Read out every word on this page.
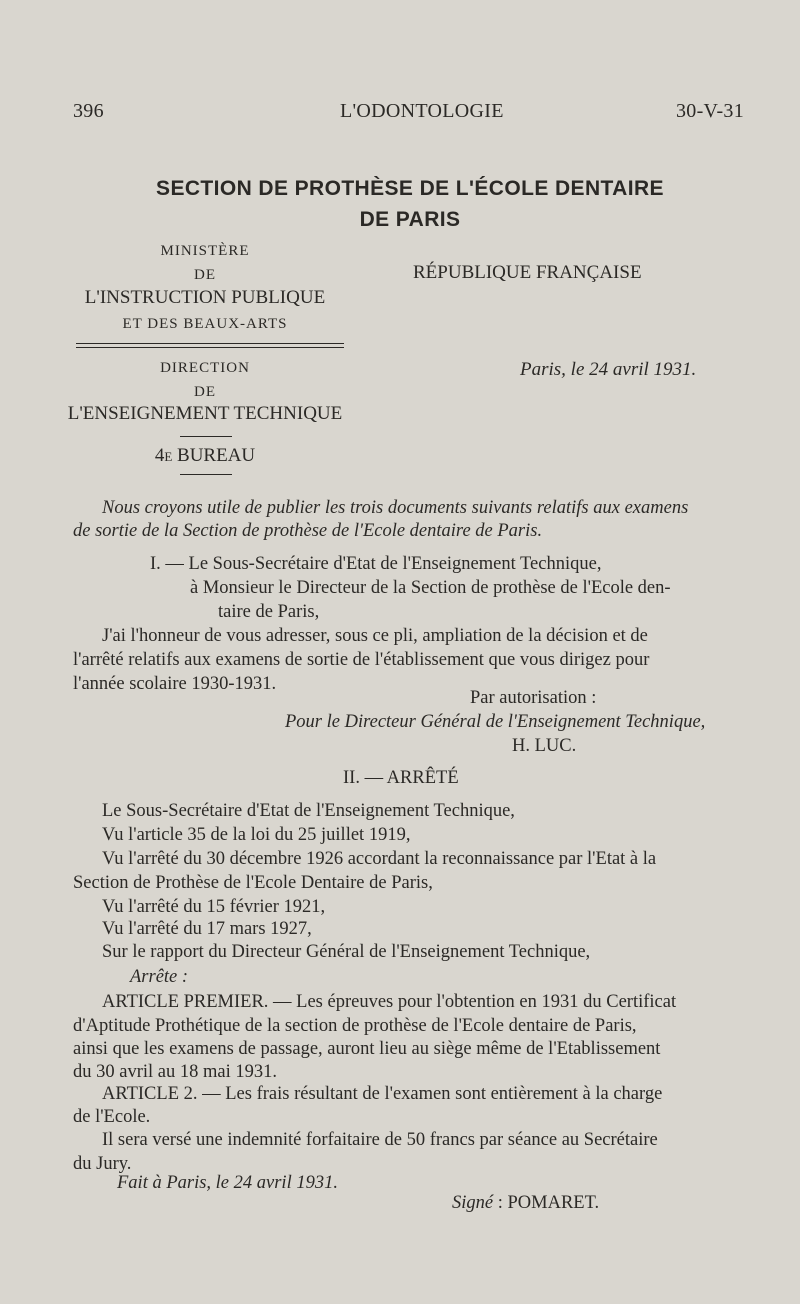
396	L'ODONTOLOGIE	30-V-31
SECTION DE PROTHÈSE DE L'ÉCOLE DENTAIRE
DE PARIS
MINISTÈRE
DE
L'INSTRUCTION PUBLIQUE
ET DES BEAUX-ARTS
RÉPUBLIQUE FRANÇAISE
DIRECTION
DE
L'ENSEIGNEMENT TECHNIQUE
4e BUREAU
Paris, le 24 avril 1931.
Nous croyons utile de publier les trois documents suivants relatifs aux examens
de sortie de la Section de prothèse de l'Ecole dentaire de Paris.
I. — Le Sous-Secrétaire d'Etat de l'Enseignement Technique,
à Monsieur le Directeur de la Section de prothèse de l'Ecole den-
taire de Paris,
J'ai l'honneur de vous adresser, sous ce pli, ampliation de la décision et de
l'arrêté relatifs aux examens de sortie de l'établissement que vous dirigez pour
l'année scolaire 1930-1931.
Par autorisation :
Pour le Directeur Général de l'Enseignement Technique,
H. LUC.
II. — ARRÊTÉ
Le Sous-Secrétaire d'Etat de l'Enseignement Technique,
Vu l'article 35 de la loi du 25 juillet 1919,
Vu l'arrêté du 30 décembre 1926 accordant la reconnaissance par l'Etat à la
Section de Prothèse de l'Ecole Dentaire de Paris,
Vu l'arrêté du 15 février 1921,
Vu l'arrêté du 17 mars 1927,
Sur le rapport du Directeur Général de l'Enseignement Technique,
Arrête :
ARTICLE PREMIER. — Les épreuves pour l'obtention en 1931 du Certificat
d'Aptitude Prothétique de la section de prothèse de l'Ecole dentaire de Paris,
ainsi que les examens de passage, auront lieu au siège même de l'Etablissement
du 30 avril au 18 mai 1931.
ARTICLE 2. — Les frais résultant de l'examen sont entièrement à la charge
de l'Ecole.
Il sera versé une indemnité forfaitaire de 50 francs par séance au Secrétaire
du Jury.
Fait à Paris, le 24 avril 1931.
Signé : POMARET.
